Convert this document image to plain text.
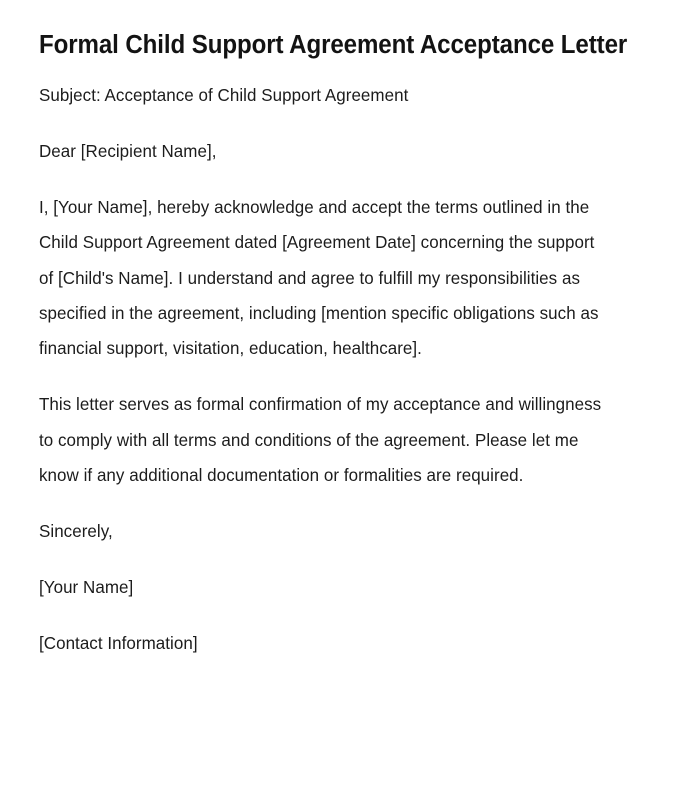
Formal Child Support Agreement Acceptance Letter

Subject: Acceptance of Child Support Agreement

Dear [Recipient Name],

I, [Your Name], hereby acknowledge and accept the terms outlined in the Child Support Agreement dated [Agreement Date] concerning the support of [Child's Name]. I understand and agree to fulfill my responsibilities as specified in the agreement, including [mention specific obligations such as financial support, visitation, education, healthcare].

This letter serves as formal confirmation of my acceptance and willingness to comply with all terms and conditions of the agreement. Please let me know if any additional documentation or formalities are required.

Sincerely,

[Your Name]

[Contact Information]
